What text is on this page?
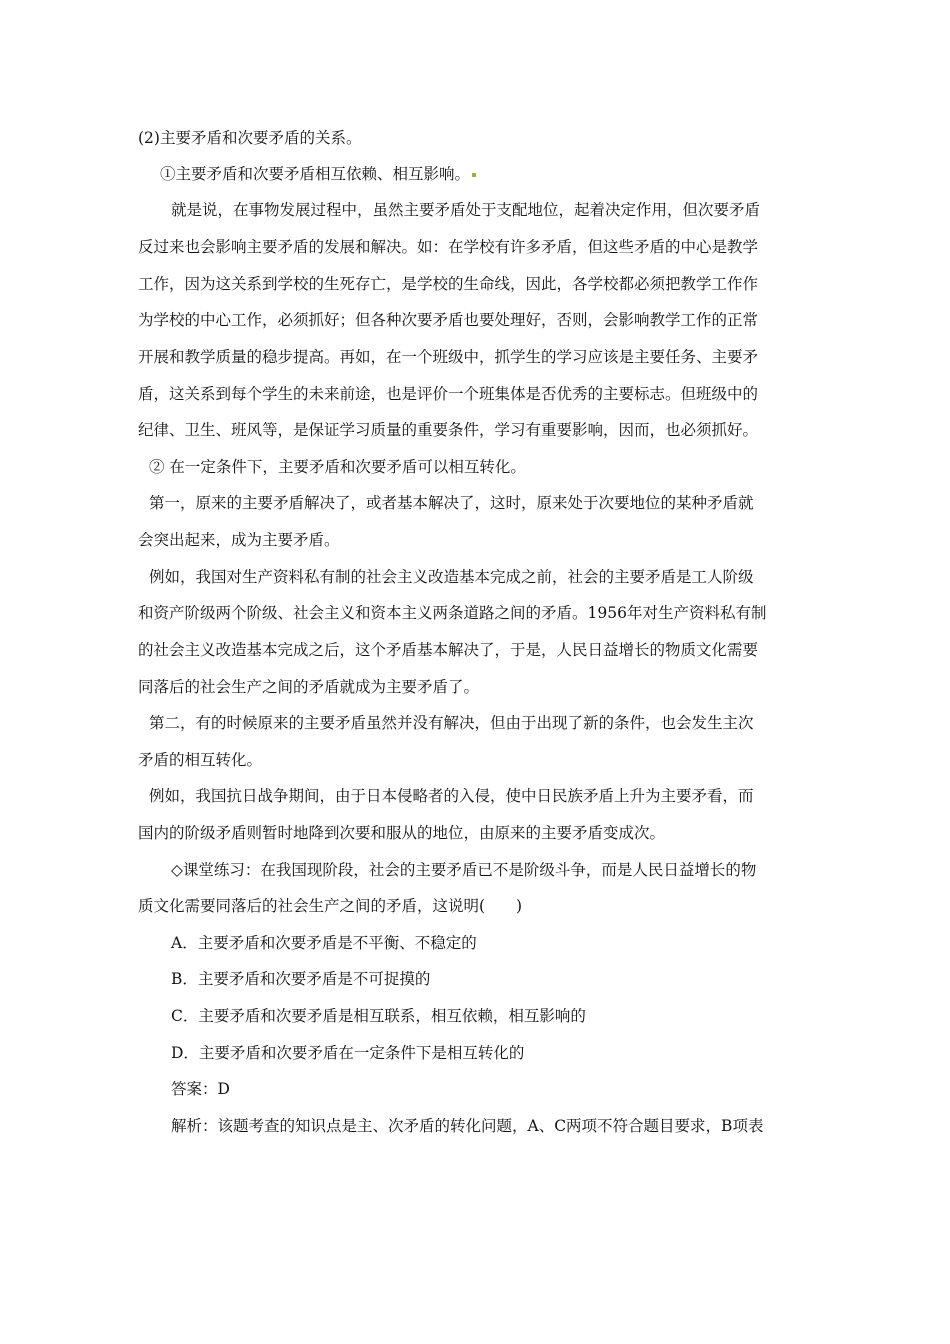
(2)主要矛盾和次要矛盾的关系。
①主要矛盾和次要矛盾相互依赖、相互影响。
就是说，在事物发展过程中，虽然主要矛盾处于支配地位，起着决定作用，但次要矛盾
反过来也会影响主要矛盾的发展和解决。如：在学校有许多矛盾，但这些矛盾的中心是教学
工作，因为这关系到学校的生死存亡，是学校的生命线，因此，各学校都必须把教学工作作
为学校的中心工作，必须抓好；但各种次要矛盾也要处理好，否则，会影响教学工作的正常
开展和教学质量的稳步提高。再如，在一个班级中，抓学生的学习应该是主要任务、主要矛
盾，这关系到每个学生的未来前途，也是评价一个班集体是否优秀的主要标志。但班级中的
纪律、卫生、班风等，是保证学习质量的重要条件，学习有重要影响，因而，也必须抓好。
② 在一定条件下，主要矛盾和次要矛盾可以相互转化。
第一，原来的主要矛盾解决了，或者基本解决了，这时，原来处于次要地位的某种矛盾就
会突出起来，成为主要矛盾。
例如，我国对生产资料私有制的社会主义改造基本完成之前，社会的主要矛盾是工人阶级
和资产阶级两个阶级、社会主义和资本主义两条道路之间的矛盾。1956年对生产资料私有制
的社会主义改造基本完成之后，这个矛盾基本解决了，于是，人民日益增长的物质文化需要
同落后的社会生产之间的矛盾就成为主要矛盾了。
第二，有的时候原来的主要矛盾虽然并没有解决，但由于出现了新的条件，也会发生主次
矛盾的相互转化。
例如，我国抗日战争期间，由于日本侵略者的入侵，使中日民族矛盾上升为主要矛看，而
国内的阶级矛盾则暂时地降到次要和服从的地位，由原来的主要矛盾变成次。
◇课堂练习：在我国现阶段，社会的主要矛盾已不是阶级斗争，而是人民日益增长的物
质文化需要同落后的社会生产之间的矛盾，这说明(　　)
A．主要矛盾和次要矛盾是不平衡、不稳定的
B．主要矛盾和次要矛盾是不可捉摸的
C．主要矛盾和次要矛盾是相互联系，相互依赖，相互影响的
D．主要矛盾和次要矛盾在一定条件下是相互转化的
答案：D
解析：该题考查的知识点是主、次矛盾的转化问题，A、C两项不符合题目要求，B项表
